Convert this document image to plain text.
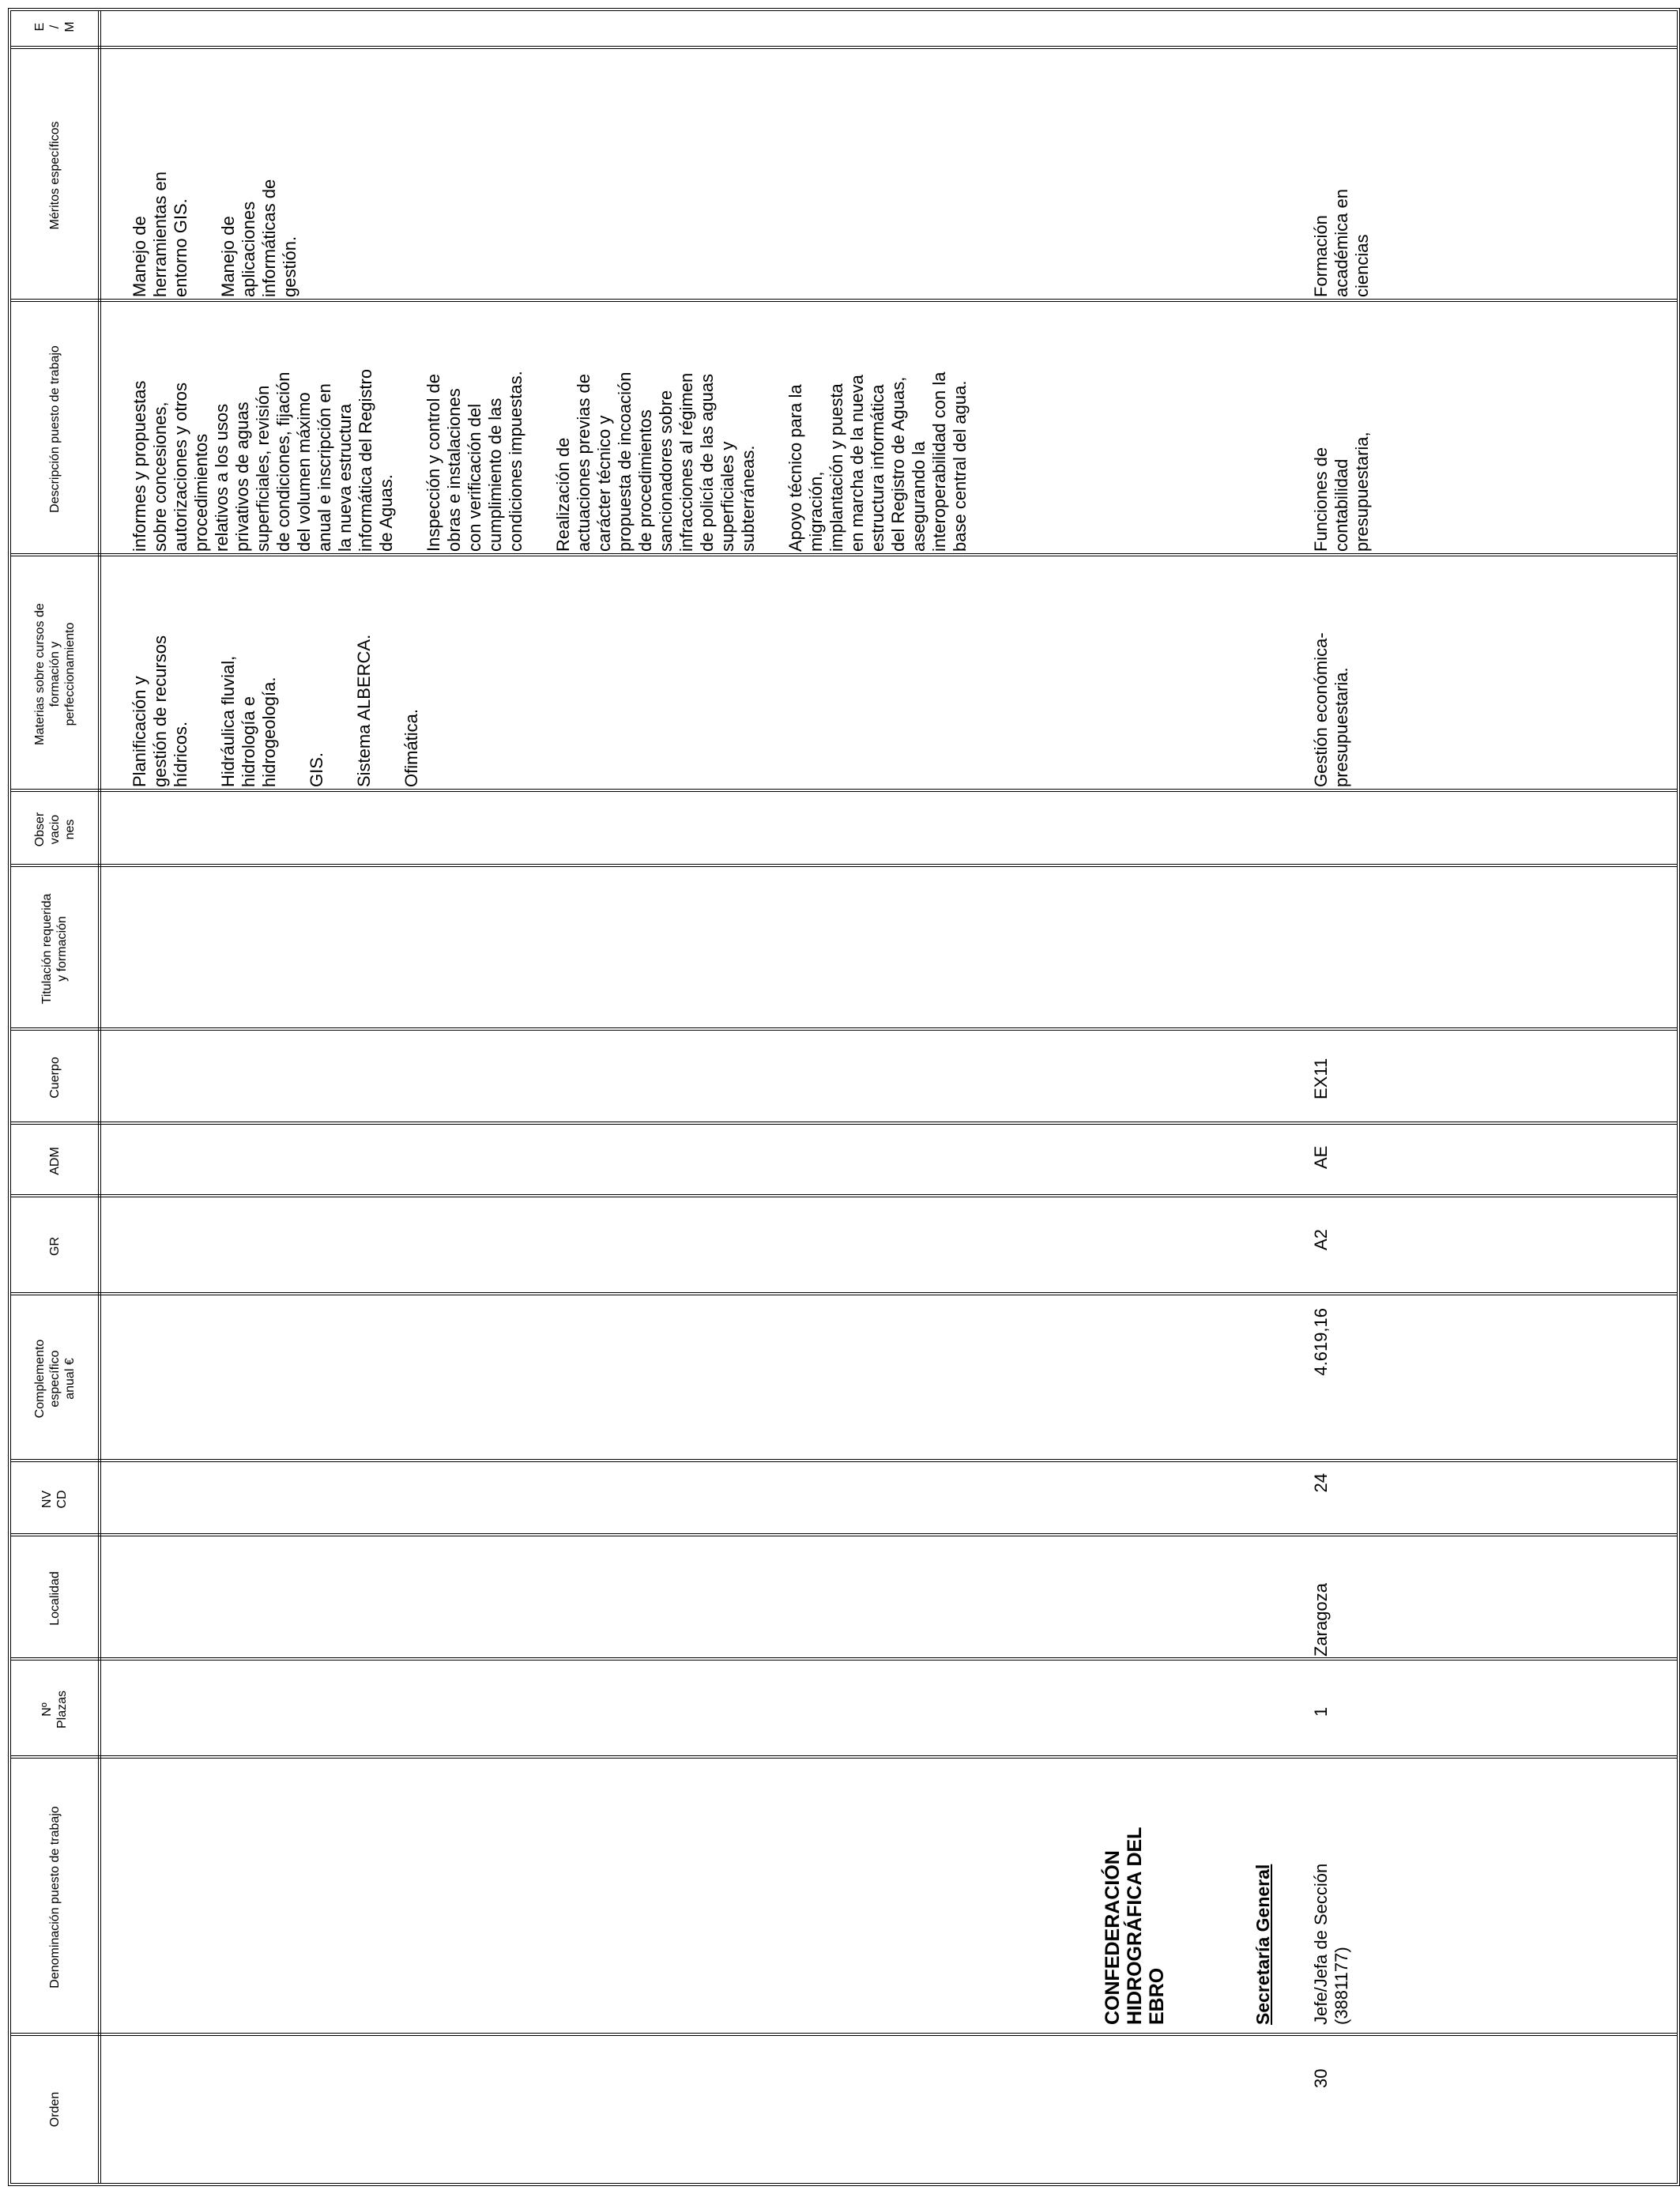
Orden
Denominación puesto de trabajo
Nº
Plazas
Localidad
NV
CD
Complemento
específico
anual €
GR
ADM
Cuerpo
Titulación requerida
y formación
Obser
vacio
nes
Materias sobre cursos de
formación y
perfeccionamiento
Descripción puesto de trabajo
Méritos específicos
E
/
M

Planificación y
gestión de recursos
hídricos. Hidráulica fluvial,
hidrología e
hidrogeología. GIS. Sistema ALBERCA. Ofimática.

informes y propuestas
sobre concesiones,
autorizaciones y otros
procedimientos
relativos a los usos
privativos de aguas
superficiales, revisión
de condiciones, fijación
del volumen máximo
anual e inscripción en
la nueva estructura
informática del Registro
de Aguas. Inspección y control de
obras e instalaciones
con verificación del
cumplimiento de las
condiciones impuestas.

Realización de
actuaciones previas de
carácter técnico y
propuesta de incoación
de procedimientos
sancionadores sobre
infracciones al régimen
de policía de las aguas
superficiales y
subterráneas. Apoyo técnico para la
migración,
implantación y puesta
en marcha de la nueva
estructura informática
del Registro de Aguas,
asegurando la
interoperabilidad con la
base central del agua.

Manejo de
herramientas en
entorno GIS.

Manejo de
aplicaciones
informáticas de
gestión.

CONFEDERACIÓN
HIDROGRÁFICA DEL
EBRO	Secretaría General

30
Jefe/Jefa de Sección
(3881177)
1
Zaragoza
24
4.619,16
A2
AE
EX11
Gestión económica-
presupuestaria.
Funciones de
contabilidad
presupuestaria,
Formación
académica en
ciencias
